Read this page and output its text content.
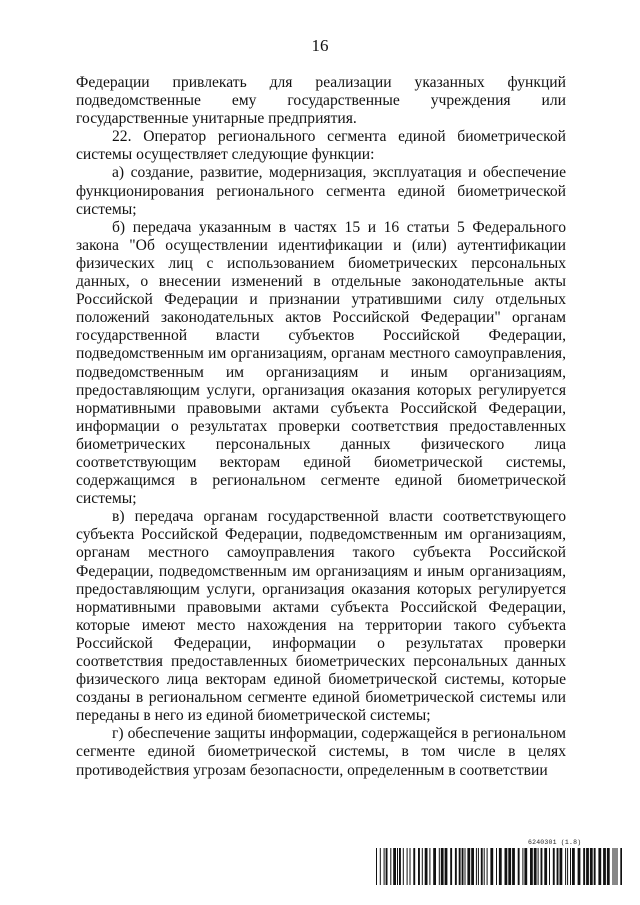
16

Федерации привлекать для реализации указанных функций подведомственные ему государственные учреждения или государственные унитарные предприятия.

22. Оператор регионального сегмента единой биометрической системы осуществляет следующие функции:

а) создание, развитие, модернизация, эксплуатация и обеспечение функционирования регионального сегмента единой биометрической системы;

б) передача указанным в частях 15 и 16 статьи 5 Федерального закона "Об осуществлении идентификации и (или) аутентификации физических лиц с использованием биометрических персональных данных, о внесении изменений в отдельные законодательные акты Российской Федерации и признании утратившими силу отдельных положений законодательных актов Российской Федерации" органам государственной власти субъектов Российской Федерации, подведомственным им организациям, органам местного самоуправления, подведомственным им организациям и иным организациям, предоставляющим услуги, организация оказания которых регулируется нормативными правовыми актами субъекта Российской Федерации, информации о результатах проверки соответствия предоставленных биометрических персональных данных физического лица соответствующим векторам единой биометрической системы, содержащимся в региональном сегменте единой биометрической системы;

в) передача органам государственной власти соответствующего субъекта Российской Федерации, подведомственным им организациям, органам местного самоуправления такого субъекта Российской Федерации, подведомственным им организациям и иным организациям, предоставляющим услуги, организация оказания которых регулируется нормативными правовыми актами субъекта Российской Федерации, которые имеют место нахождения на территории такого субъекта Российской Федерации, информации о результатах проверки соответствия предоставленных биометрических персональных данных физического лица векторам единой биометрической системы, которые созданы в региональном сегменте единой биометрической системы или переданы в него из единой биометрической системы;

г) обеспечение защиты информации, содержащейся в региональном сегменте единой биометрической системы, в том числе в целях противодействия угрозам безопасности, определенным в соответствии

6240301 (1.8)
